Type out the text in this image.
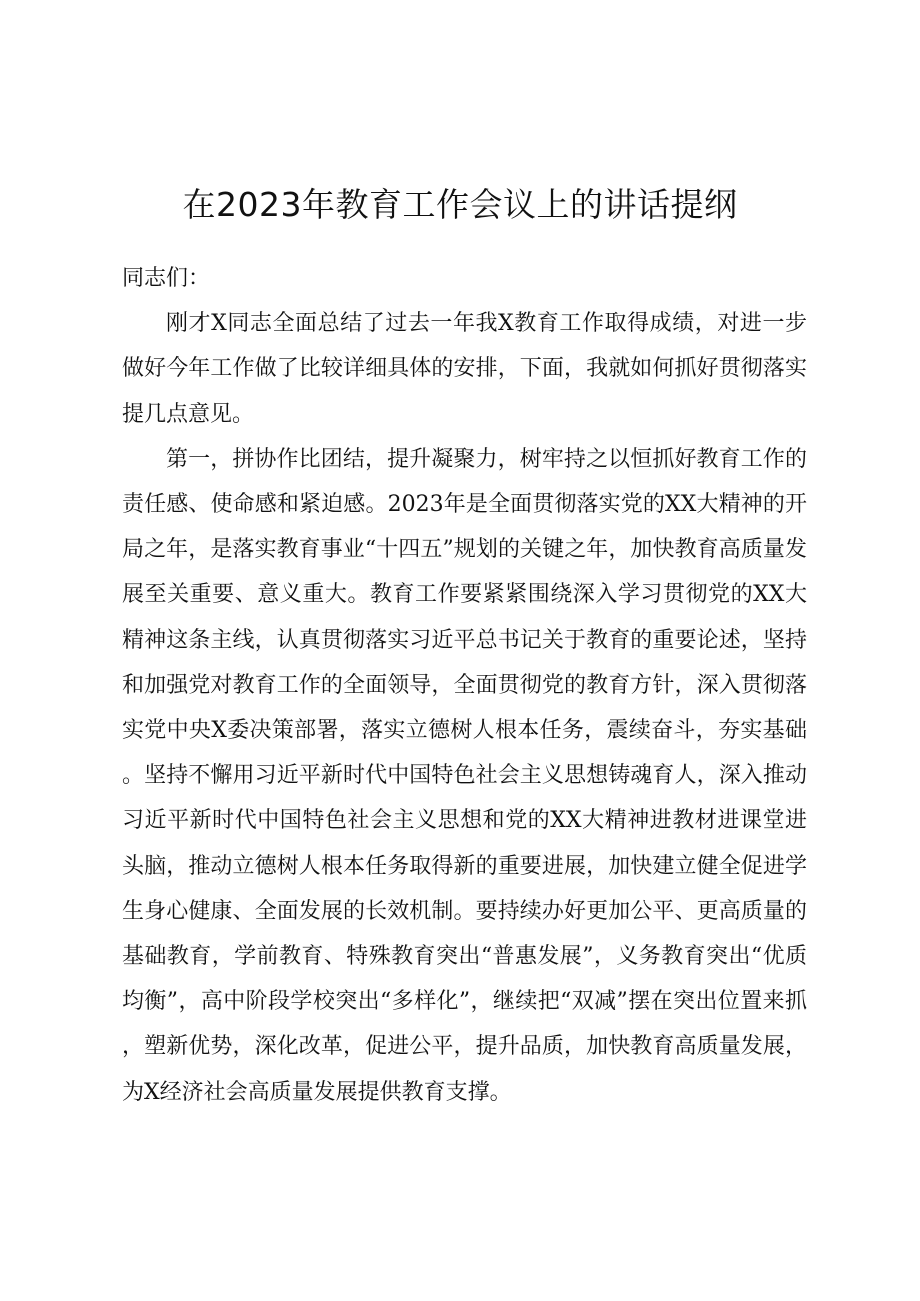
在2023年教育工作会议上的讲话提纲

同志们：

刚才X同志全面总结了过去一年我X教育工作取得成绩，对进一步做好今年工作做了比较详细具体的安排，下面，我就如何抓好贯彻落实提几点意见。

第一，拼协作比团结，提升凝聚力，树牢持之以恒抓好教育工作的责任感、使命感和紧迫感。2023年是全面贯彻落实党的XX大精神的开局之年，是落实教育事业“十四五”规划的关键之年，加快教育高质量发展至关重要、意义重大。教育工作要紧紧围绕深入学习贯彻党的XX大精神这条主线，认真贯彻落实习近平总书记关于教育的重要论述，坚持和加强党对教育工作的全面领导，全面贯彻党的教育方针，深入贯彻落实党中央X委决策部署，落实立德树人根本任务，震续奋斗，夯实基础。坚持不懈用习近平新时代中国特色社会主义思想铸魂育人，深入推动习近平新时代中国特色社会主义思想和党的XX大精神进教材进课堂进头脑，推动立德树人根本任务取得新的重要进展，加快建立健全促进学生身心健康、全面发展的长效机制。要持续办好更加公平、更高质量的基础教育，学前教育、特殊教育突出“普惠发展”，义务教育突出“优质均衡”，高中阶段学校突出“多样化”，继续把“双减”摆在突出位置来抓，塑新优势，深化改革，促进公平，提升品质，加快教育高质量发展，为X经济社会高质量发展提供教育支撑。
